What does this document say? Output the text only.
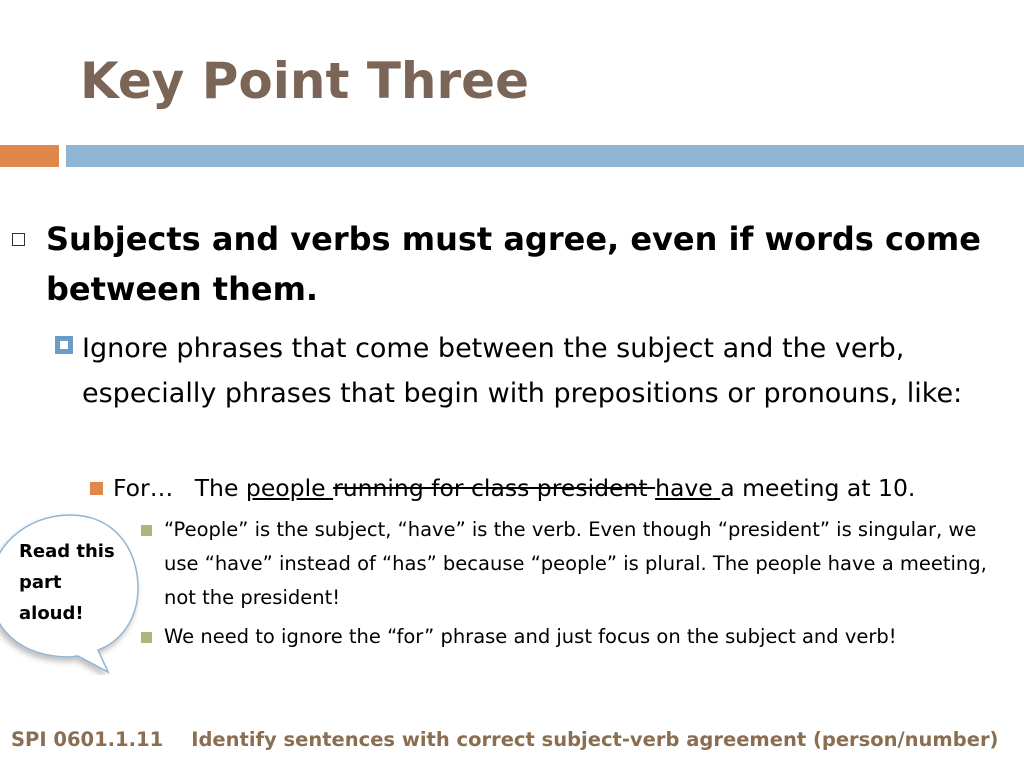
Key Point Three
Subjects and verbs must agree, even if words come between them.
Ignore phrases that come between the subject and the verb, especially phrases that begin with prepositions or pronouns, like:
For… The people running for class president have a meeting at 10.
“People” is the subject, “have” is the verb. Even though “president” is singular, we use “have” instead of “has” because “people” is plural. The people have a meeting, not the president!
We need to ignore the “for” phrase and just focus on the subject and verb!
Read this part aloud!
SPI 0601.1.11 Identify sentences with correct subject-verb agreement (person/number)
